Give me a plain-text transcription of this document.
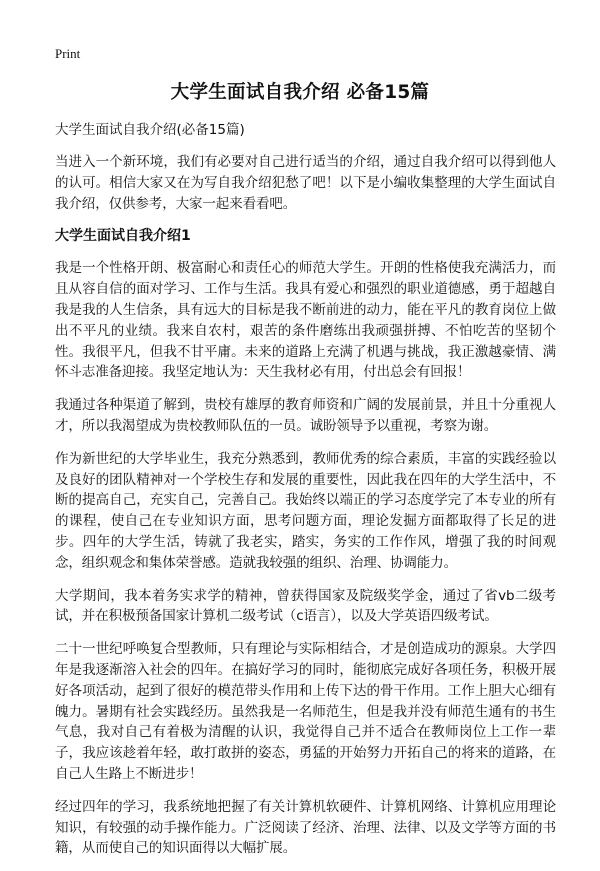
Print
大学生面试自我介绍 必备15篇

大学生面试自我介绍(必备15篇)

当进入一个新环境，我们有必要对自己进行适当的介绍，通过自我介绍可以得到他人的认可。相信大家又在为写自我介绍犯愁了吧！以下是小编收集整理的大学生面试自我介绍，仅供参考，大家一起来看看吧。

大学生面试自我介绍1

我是一个性格开朗、极富耐心和责任心的师范大学生。开朗的性格使我充满活力，而且从容自信的面对学习、工作与生活。我具有爱心和强烈的职业道德感，勇于超越自我是我的人生信条，具有远大的目标是我不断前进的动力，能在平凡的教育岗位上做出不平凡的业绩。我来自农村，艰苦的条件磨练出我顽强拼搏、不怕吃苦的坚韧个性。我很平凡，但我不甘平庸。未来的道路上充满了机遇与挑战，我正激越豪情、满怀斗志准备迎接。我坚定地认为：天生我材必有用，付出总会有回报！

我通过各种渠道了解到，贵校有雄厚的教育师资和广阔的发展前景，并且十分重视人才，所以我渴望成为贵校教师队伍的一员。诚盼领导予以重视，考察为谢。

作为新世纪的大学毕业生，我充分熟悉到，教师优秀的综合素质，丰富的实践经验以及良好的团队精神对一个学校生存和发展的重要性，因此我在四年的大学生活中，不断的提高自己，充实自己，完善自己。我始终以端正的学习态度学完了本专业的所有的课程，使自己在专业知识方面，思考问题方面，理论发掘方面都取得了长足的进步。四年的大学生活，铸就了我老实，踏实，务实的工作作风，增强了我的时间观念，组织观念和集体荣誉感。造就我较强的组织、治理、协调能力。

大学期间，我本着务实求学的精神，曾获得国家及院级奖学金，通过了省vb二级考试，并在积极预备国家计算机二级考试（c语言），以及大学英语四级考试。

二十一世纪呼唤复合型教师，只有理论与实际相结合，才是创造成功的源泉。大学四年是我逐渐溶入社会的四年。在搞好学习的同时，能彻底完成好各项任务，积极开展好各项活动，起到了很好的模范带头作用和上传下达的骨干作用。工作上胆大心细有魄力。暑期有社会实践经历。虽然我是一名师范生，但是我并没有师范生通有的书生气息，我对自己有着极为清醒的认识，我觉得自己并不适合在教师岗位上工作一辈子，我应该趁着年轻，敢打敢拼的姿态，勇猛的开始努力开拓自己的将来的道路，在自己人生路上不断进步！

经过四年的学习，我系统地把握了有关计算机软硬件、计算机网络、计算机应用理论知识，有较强的动手操作能力。广泛阅读了经济、治理、法律、以及文学等方面的书籍，从而使自己的知识面得以大幅扩展。
